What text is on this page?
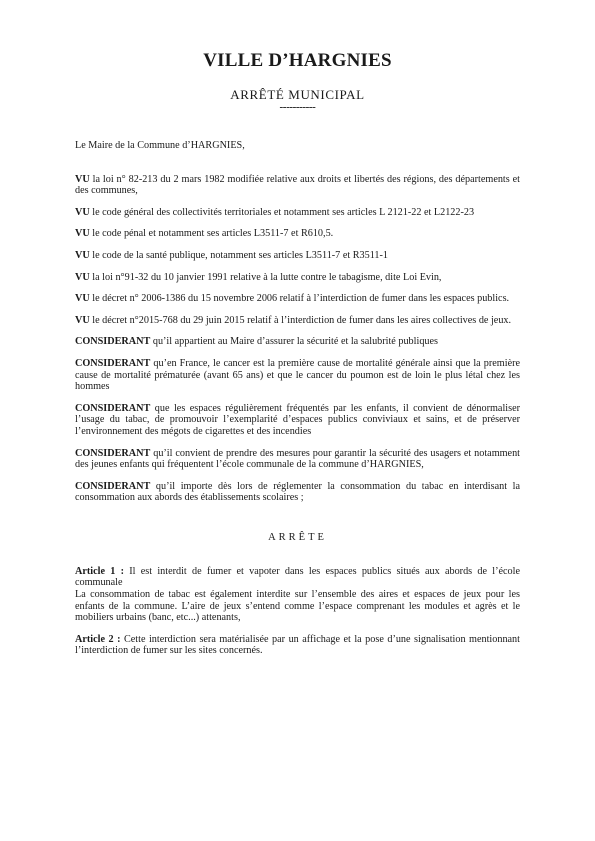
VILLE D’HARGNIES

ARRÊTÉ MUNICIPAL

-----------

Le Maire de la Commune d’HARGNIES,

VU la loi n° 82-213 du 2 mars 1982 modifiée relative aux droits et libertés des régions, des départements et des communes,

VU le code général des collectivités territoriales et notamment ses articles L 2121-22 et L2122-23

VU le code pénal et notamment ses articles L3511-7 et R610,5.

VU le code de la santé publique, notamment ses articles L3511-7 et R3511-1

VU la loi n°91-32 du 10 janvier 1991 relative à la lutte contre le tabagisme, dite Loi Evin,

VU le décret n° 2006-1386 du 15 novembre 2006 relatif à l’interdiction de fumer dans les espaces publics.

VU le décret n°2015-768 du 29 juin 2015 relatif à l’interdiction de fumer dans les aires collectives de jeux.

CONSIDERANT qu’il appartient au Maire d’assurer la sécurité et la salubrité publiques

CONSIDERANT qu’en France, le cancer est la première cause de mortalité générale ainsi que la première cause de mortalité prématurée (avant 65 ans) et que le cancer du poumon est de loin le plus létal chez les hommes

CONSIDERANT que les espaces régulièrement fréquentés par les enfants, il convient de dénormaliser l’usage du tabac, de promouvoir l’exemplarité d’espaces publics conviviaux et sains, et de préserver l’environnement des mégots de cigarettes et des incendies

CONSIDERANT qu’il convient de prendre des mesures pour garantir la sécurité des usagers et notamment des jeunes enfants qui fréquentent l’école communale de la commune d’HARGNIES,

CONSIDERANT qu’il importe dès lors de réglementer la consommation du tabac en interdisant la consommation aux abords des établissements scolaires ;

ARRÊTE

Article 1 : Il est interdit de fumer et vapoter dans les espaces publics situés aux abords de l’école communale

La consommation de tabac est également interdite sur l’ensemble des aires et espaces de jeux pour les enfants de la commune. L’aire de jeux s’entend comme l’espace comprenant les modules et agrès et le mobiliers urbains (banc, etc...) attenants,

Article 2 : Cette interdiction sera matérialisée par un affichage et la pose d’une signalisation mentionnant l’interdiction de fumer sur les sites concernés.
